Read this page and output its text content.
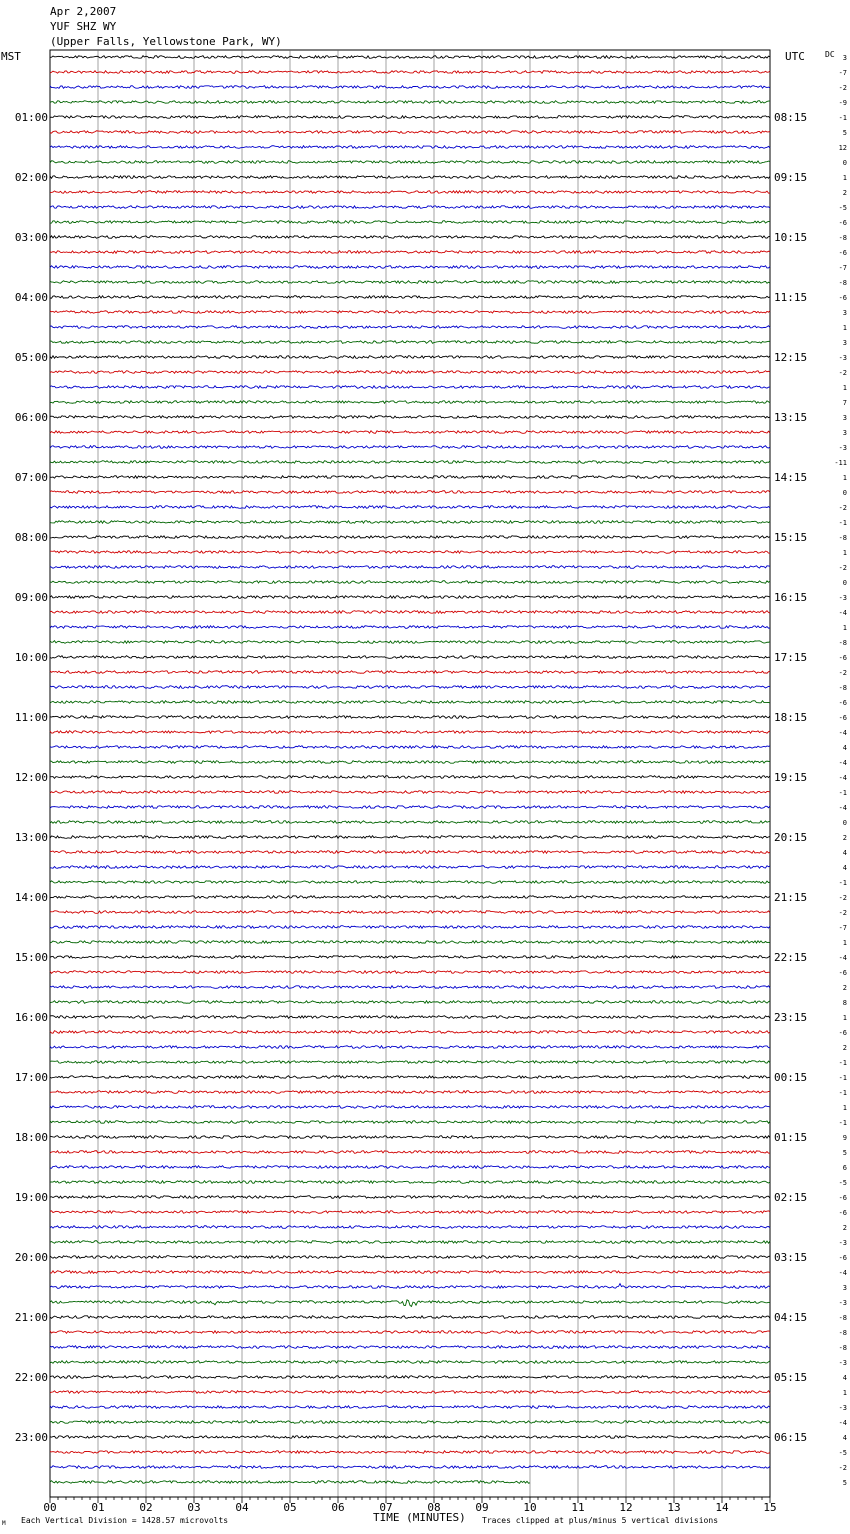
Apr 2,2007
YUF SHZ WY
(Upper Falls, Yellowstone Park, WY)
MST	UTC	DC
01:00
02:00
03:00
04:00
05:00
06:00
07:00
08:00
09:00
10:00
11:00
12:00
13:00
14:00
15:00
16:00
17:00
18:00
19:00
20:00
21:00
22:00
23:00
08:15
09:15
10:15
11:15
12:15
13:15
14:15
15:15
16:15
17:15
18:15
19:15
20:15
21:15
22:15
23:15
00:15
01:15
02:15
03:15
04:15
05:15
06:15
3
-7
-2
-9
-1
5
12
0
1
2
-5
-6
-8
-6
-7
-8
-6
3
1
3
-3
-2
1
7
3
3
-3
-11
1
0
-2
-1
-8
1
-2
0
-3
-4
1
-8
-6
-2
-8
-6
-6
-4
4
-4
-4
-1
-4
0
2
4
4
-1
-2
-2
-7
1
-4
-6
2
8
1
-6
2
-1
-1
-1
1
-1
9
5
6
-5
-6
-6
2
-3
-6
-4
3
-3
-8
-8
-8
-3
4
1
-3
-4
4
-5
-2
5
00	01	02	03	04	05	06	07	08	09	10	11	12	13	14	15
TIME (MINUTES)
M Each Vertical Division = 1428.57 microvolts	Traces clipped at plus/minus 5 vertical divisions
